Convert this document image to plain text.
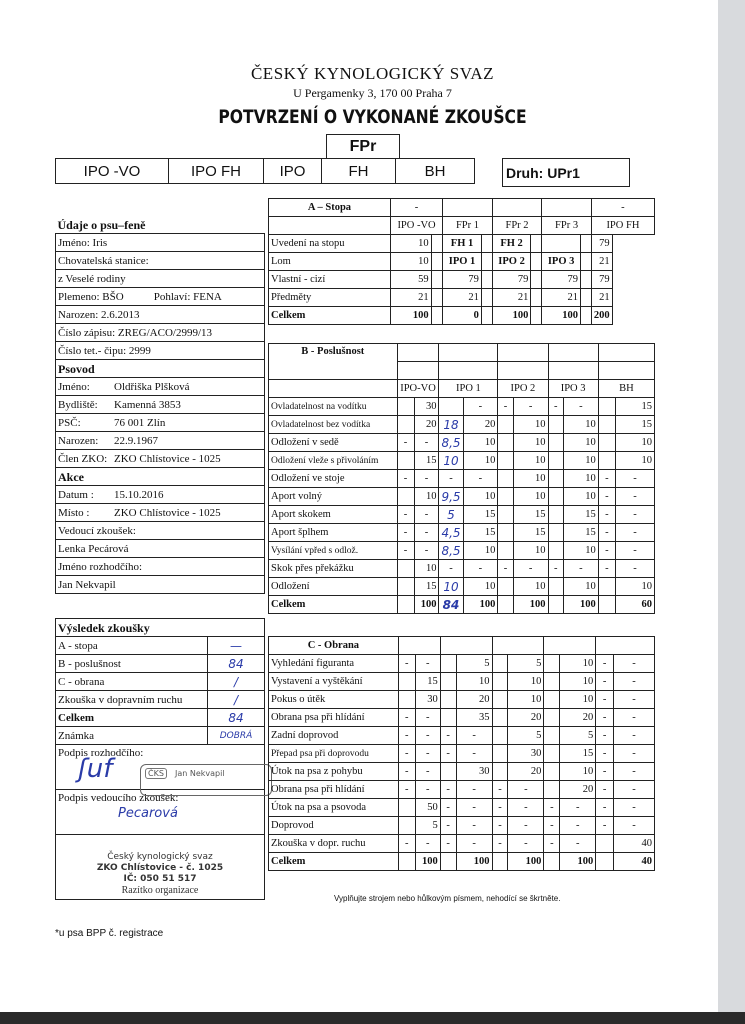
ČESKÝ KYNOLOGICKÝ SVAZ
U Pergamenky 3, 170 00 Praha 7
POTVRZENÍ O VYKONANÉ ZKOUŠCE
FPr
IPO -VO	IPO FH	IPO	FH	BH	Druh: UPr1
Údaje o psu–feně
Jméno: Iris
Chovatelská stanice:
z Veselé rodiny
Plemeno: BŠO	Pohlaví: FENA
Narozen: 2.6.2013
Číslo zápisu: ZREG/ACO/2999/13
Číslo tet.- čipu: 2999
Psovod
Jméno: Oldřiška Plšková
Bydliště: Kamenná 3853
PSČ:	76 001 Zlín
Narozen: 22.9.1967
Člen ZKO: ZKO Chlístovice - 1025
Akce
Datum : 15.10.2016
Místo : ZKO Chlístovice - 1025
Vedoucí zkoušek:
Lenka Pecárová
Jméno rozhodčího:
Jan Nekvapil
Výsledek zkoušky	
A - stopa	—
B - poslušnost	84
C - obrana	/
Zkouška v dopravním ruchu	/
Celkem	84
Známka	DOBRÁ
Podpis rozhodčího:
ʃuf	
Podpis vedoucího zkoušek:
Pecarová	

ČKS	Jan Nekvapil
Český kynologický svaz
ZKO Chlístovice - č. 1025
IČ: 050 51 517
Razítko organizace
A – Stopa	-								-
	IPO -VO		FPr 1		FPr 2		FPr 3		IPO FH
Uvedení na stopu	10		FH 1		FH 2				79
Lom	10		IPO 1		IPO 2		IPO 3		21
Vlastní - cizí	59		79		79		79		79
Předměty	21		21		21		21		21
Celkem	100		0		100		100		200
B - Poslušnost										

	IPO-VO		IPO 1		IPO 2		IPO 3		BH	
Ovladatelnost na vodítku		30		-	-	-	-	-		15
Ovladatelnost bez vodítka		20	18	20		10		10		15
Odložení v sedě	-	-	8,5	10		10		10		10
Odložení vleže s přivoláním		15	10	10		10		10		10
Odložení ve stoje	-	-	-	-		10		10	-	-
Aport volný		10	9,5	10		10		10	-	-
Aport skokem	-	-	5	15		15		15	-	-
Aport šplhem	-	-	4,5	15		15		15	-	-
Vysílání vpřed s odlož.	-	-	8,5	10		10		10	-	-
Skok přes překážku		10	-	-	-	-	-	-	-	-
Odložení		15	10	10		10		10		10
Celkem		100	84	100		100		100		60
C - Obrana										
Vyhledání figuranta	-	-		5		5		10	-	-
Vystavení a vyštěkání		15		10		10		10	-	-
Pokus o útěk		30		20		10		10	-	-
Obrana psa při hlídání	-	-		35		20		20	-	-
Zadní doprovod	-	-	-	-		5		5	-	-
Přepad psa při doprovodu	-	-	-	-		30		15	-	-
Útok na psa z pohybu	-	-		30		20		10	-	-
Obrana psa při hlídání	-	-	-	-	-	-		20	-	-
Útok na psa a psovoda		50	-	-	-	-	-	-	-	-
Doprovod		5	-	-	-	-	-	-	-	-
Zkouška v dopr. ruchu	-	-	-	-	-	-	-	-		40
Celkem		100		100		100		100		40
Vyplňujte strojem nebo hůlkovým písmem, nehodící se škrtněte.
*u psa BPP č. registrace
